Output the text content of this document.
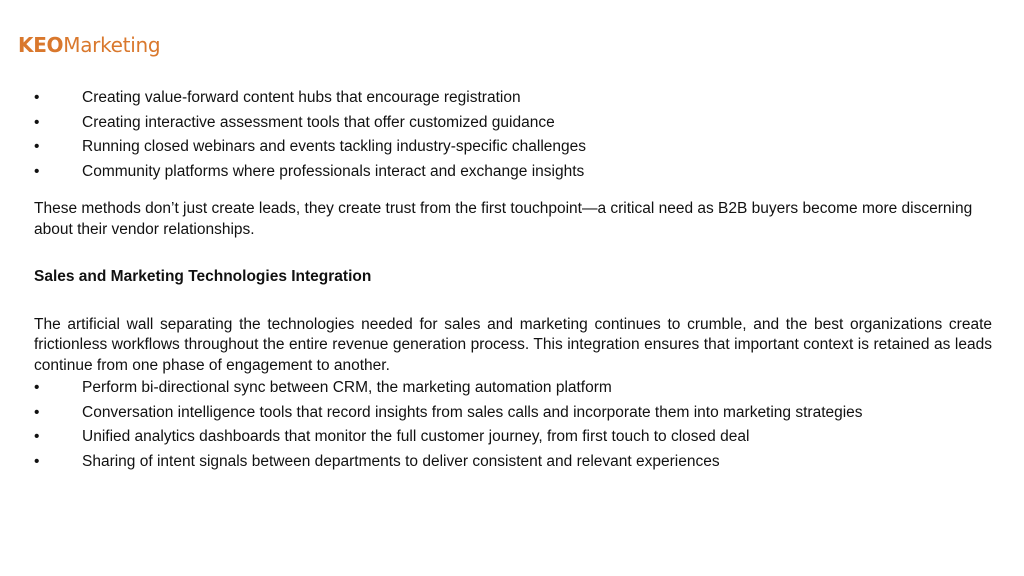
KEOMarketing
•	Creating value-forward content hubs that encourage registration
•	Creating interactive assessment tools that offer customized guidance
•	Running closed webinars and events tackling industry-specific challenges
•	Community platforms where professionals interact and exchange insights

These methods don’t just create leads, they create trust from the first touchpoint—a critical need as B2B buyers become more discerning about their vendor relationships.

Sales and Marketing Technologies Integration

The artificial wall separating the technologies needed for sales and marketing continues to crumble, and the best organizations create frictionless workflows throughout the entire revenue generation process. This integration ensures that important context is retained as leads continue from one phase of engagement to another.

•	Perform bi-directional sync between CRM, the marketing automation platform
•	Conversation intelligence tools that record insights from sales calls and incorporate them into marketing strategies
•	Unified analytics dashboards that monitor the full customer journey, from first touch to closed deal
•	Sharing of intent signals between departments to deliver consistent and relevant experiences
